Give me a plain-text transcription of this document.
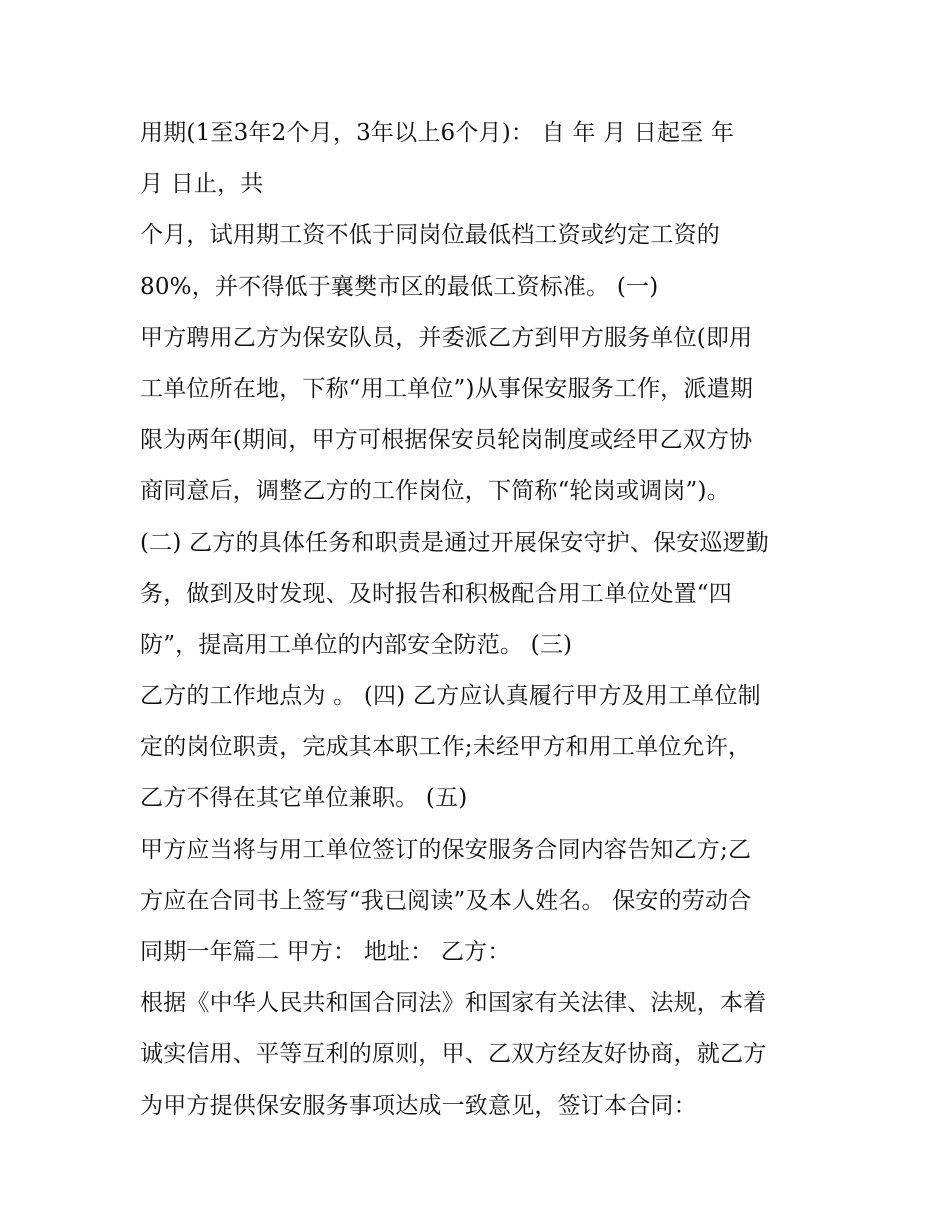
用期(1至3年2个月，3年以上6个月)： 自 年 月 日起至 年
月 日止，共
个月，试用期工资不低于同岗位最低档工资或约定工资的
80%，并不得低于襄樊市区的最低工资标准。 (一)
甲方聘用乙方为保安队员，并委派乙方到甲方服务单位(即用
工单位所在地，下称“用工单位”)从事保安服务工作，派遣期
限为两年(期间，甲方可根据保安员轮岗制度或经甲乙双方协
商同意后，调整乙方的工作岗位，下简称“轮岗或调岗”)。
(二) 乙方的具体任务和职责是通过开展保安守护、保安巡逻勤
务，做到及时发现、及时报告和积极配合用工单位处置“四
防”，提高用工单位的内部安全防范。 (三)
乙方的工作地点为 。 (四) 乙方应认真履行甲方及用工单位制
定的岗位职责，完成其本职工作;未经甲方和用工单位允许，
乙方不得在其它单位兼职。 (五)
甲方应当将与用工单位签订的保安服务合同内容告知乙方;乙
方应在合同书上签写“我已阅读”及本人姓名。 保安的劳动合
同期一年篇二 甲方： 地址： 乙方：
根据《中华人民共和国合同法》和国家有关法律、法规，本着
诚实信用、平等互利的原则，甲、乙双方经友好协商，就乙方
为甲方提供保安服务事项达成一致意见，签订本合同：
